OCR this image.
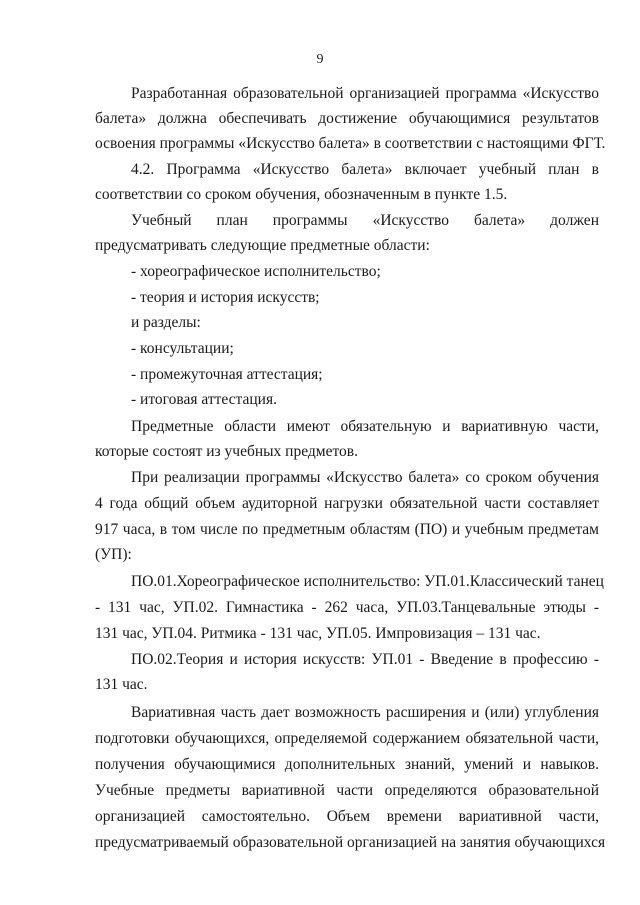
9
Разработанная образовательной организацией программа «Искусство
балета» должна обеспечивать достижение обучающимися результатов
освоения программы «Искусство балета» в соответствии с настоящими ФГТ.
4.2. Программа «Искусство балета» включает учебный план в
соответствии со сроком обучения, обозначенным в пункте 1.5.
Учебный план программы «Искусство балета» должен
предусматривать следующие предметные области:
- хореографическое исполнительство;
- теория и история искусств;
и разделы:
- консультации;
- промежуточная аттестация;
- итоговая аттестация.
Предметные области имеют обязательную и вариативную части,
которые состоят из учебных предметов.
При реализации программы «Искусство балета» со сроком обучения
4 года общий объем аудиторной нагрузки обязательной части составляет
917 часа, в том числе по предметным областям (ПО) и учебным предметам
(УП):
ПО.01.Хореографическое исполнительство: УП.01.Классический танец
- 131 час, УП.02. Гимнастика - 262 часа, УП.03.Танцевальные этюды -
131 час, УП.04. Ритмика - 131 час, УП.05. Импровизация – 131 час.
ПО.02.Теория и история искусств: УП.01 - Введение в профессию -
131 час.
Вариативная часть дает возможность расширения и (или) углубления
подготовки обучающихся, определяемой содержанием обязательной части,
получения обучающимися дополнительных знаний, умений и навыков.
Учебные предметы вариативной части определяются образовательной
организацией самостоятельно. Объем времени вариативной части,
предусматриваемый образовательной организацией на занятия обучающихся
